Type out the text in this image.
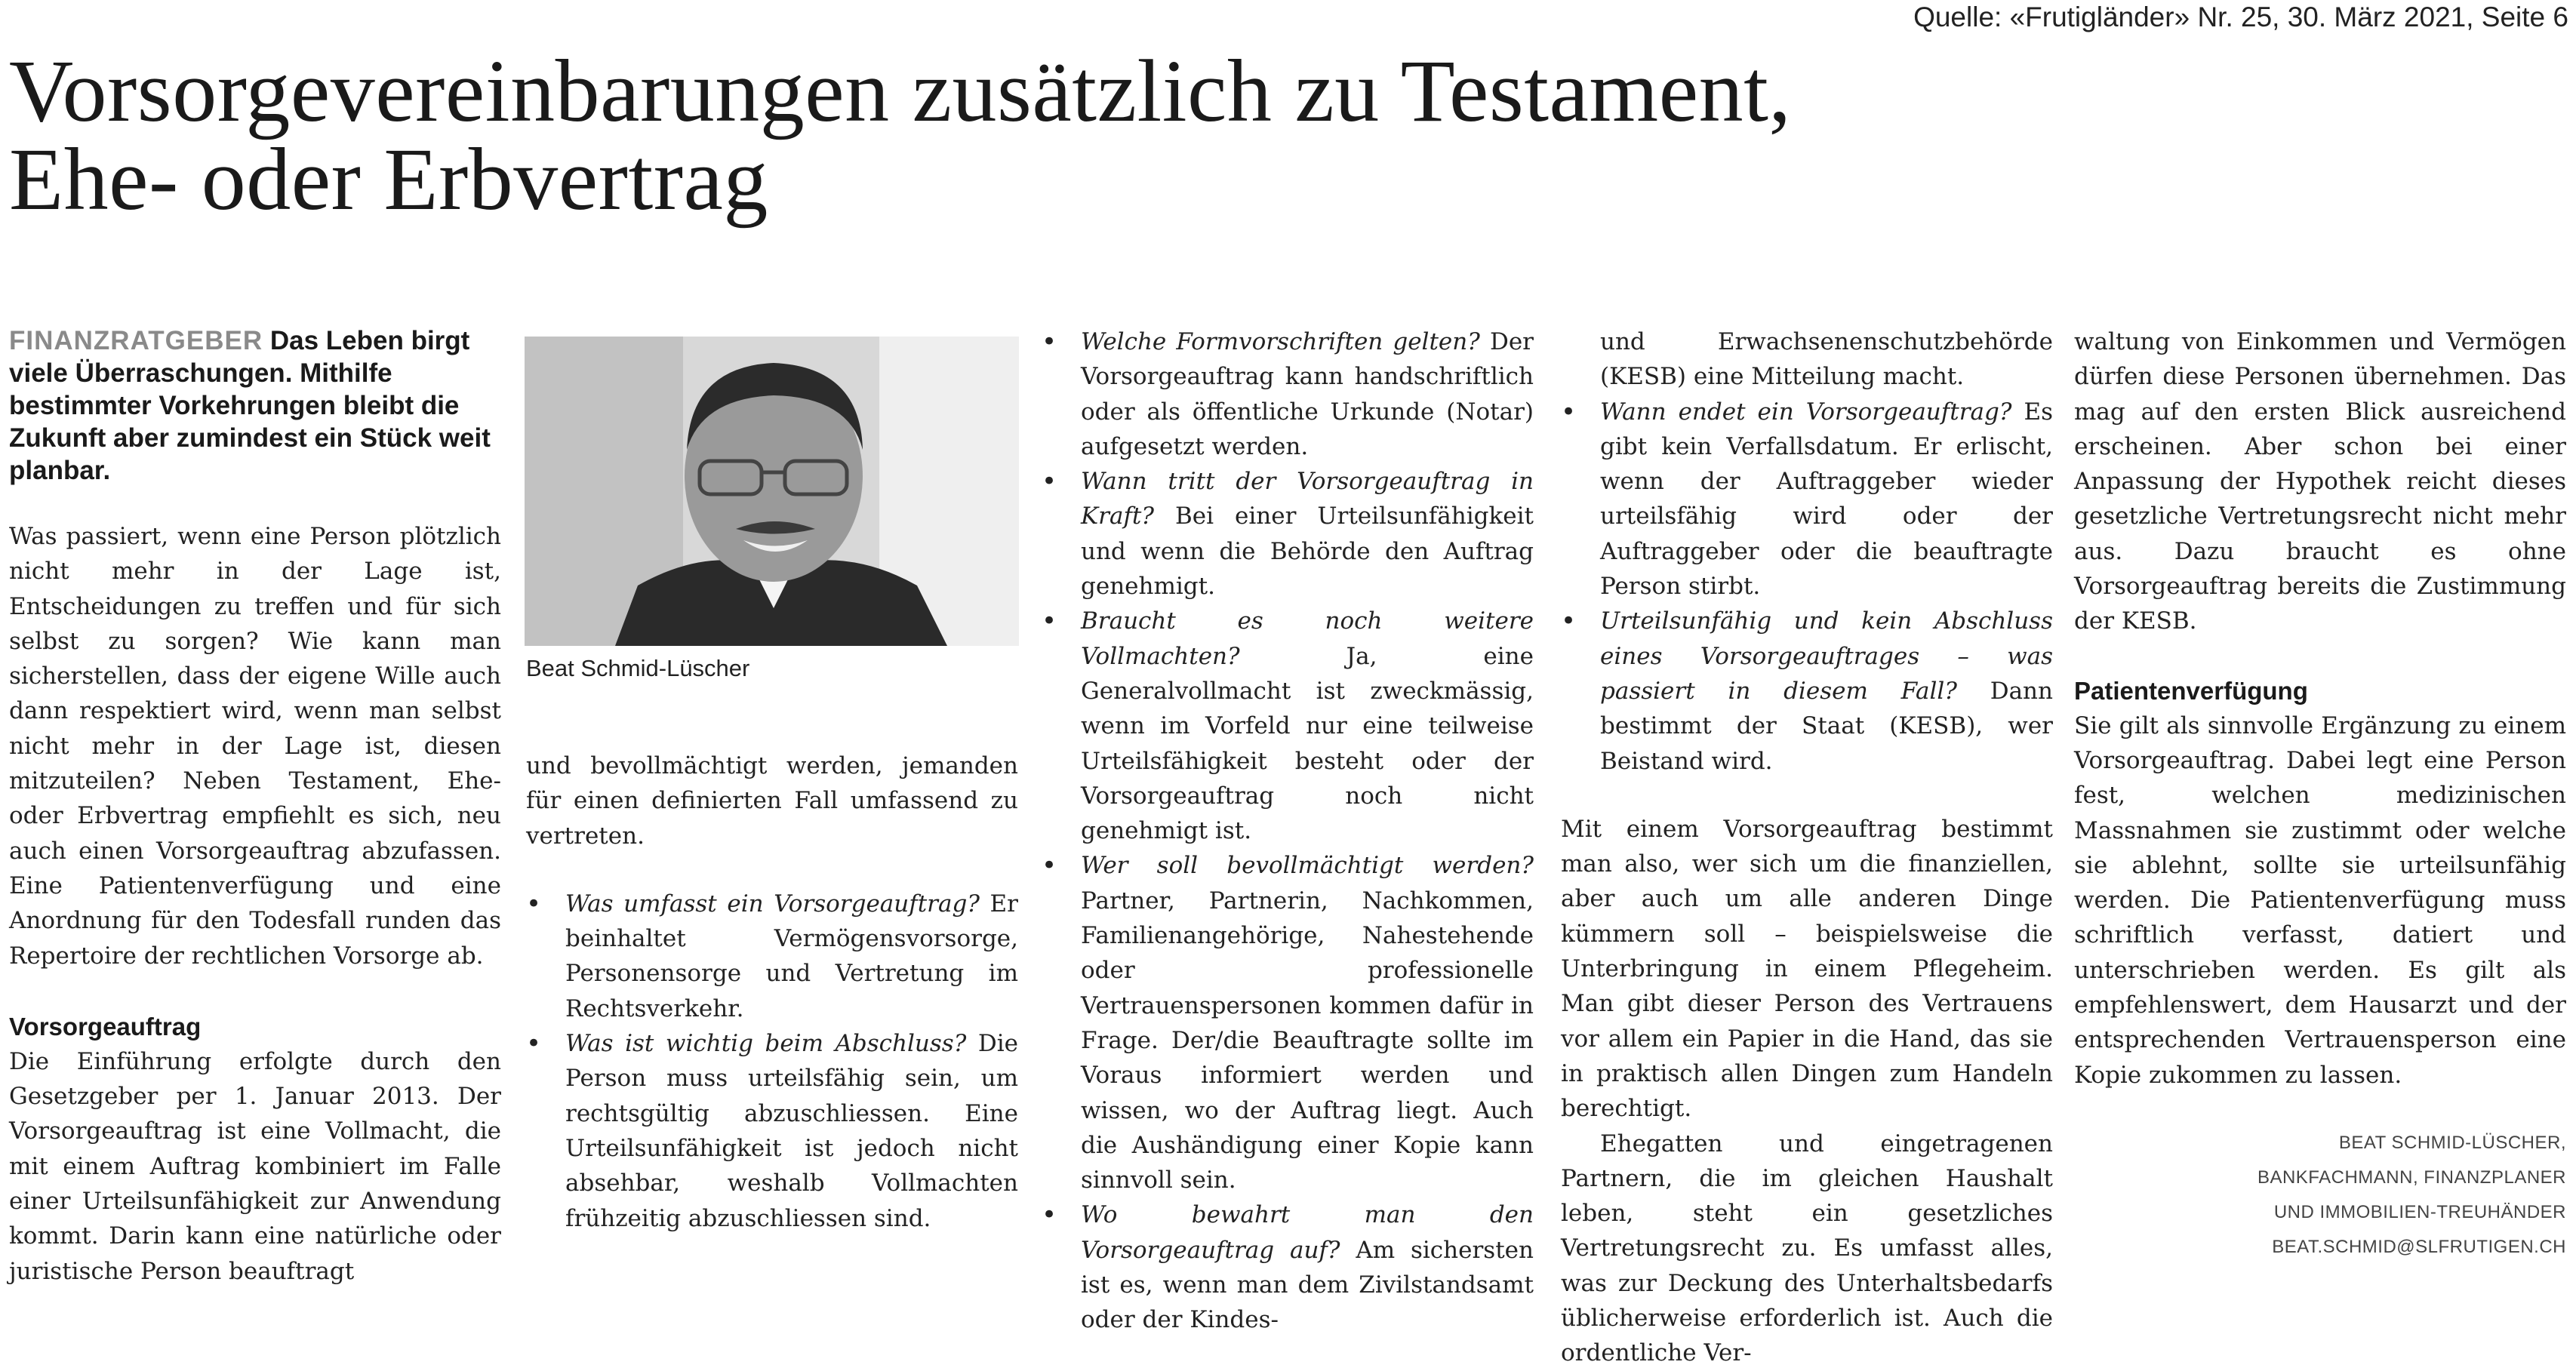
Quelle: «Frutigländer» Nr. 25, 30. März 2021, Seite 6
Vorsorgevereinbarungen zusätzlich zu Testament,
Ehe- oder Erbvertrag

FINANZRATGEBER Das Leben birgt viele Überraschungen. Mithilfe bestimmter Vorkehrungen bleibt die Zukunft aber zumindest ein Stück weit planbar.

Was passiert, wenn eine Person plötzlich nicht mehr in der Lage ist, Entscheidungen zu treffen und für sich selbst zu sorgen? Wie kann man sicherstellen, dass der eigene Wille auch dann respektiert wird, wenn man selbst nicht mehr in der Lage ist, diesen mitzuteilen? Neben Testament, Ehe- oder Erbvertrag empfiehlt es sich, neu auch einen Vorsorgeauftrag abzufassen. Eine Patientenverfügung und eine Anordnung für den Todesfall runden das Repertoire der rechtlichen Vorsorge ab.

Vorsorgeauftrag

Die Einführung erfolgte durch den Gesetzgeber per 1. Januar 2013. Der Vorsorgeauftrag ist eine Vollmacht, die mit einem Auftrag kombiniert im Falle einer Urteilsunfähigkeit zur Anwendung kommt. Darin kann eine natürliche oder juristische Person beauftragt

Beat Schmid-Lüscher

und bevollmächtigt werden, jemanden für einen definierten Fall umfassend zu vertreten.

• Was umfasst ein Vorsorgeauftrag? Er beinhaltet Vermögensvorsorge, Personensorge und Vertretung im Rechtsverkehr.
• Was ist wichtig beim Abschluss? Die Person muss urteilsfähig sein, um rechtsgültig abzuschliessen. Eine Urteilsunfähigkeit ist jedoch nicht absehbar, weshalb Vollmachten frühzeitig abzuschliessen sind.
• Welche Formvorschriften gelten? Der Vorsorgeauftrag kann handschriftlich oder als öffentliche Urkunde (Notar) aufgesetzt werden.
• Wann tritt der Vorsorgeauftrag in Kraft? Bei einer Urteilsunfähigkeit und wenn die Behörde den Auftrag genehmigt.
• Braucht es noch weitere Vollmachten?	Ja, eine Generalvollmacht ist zweckmässig, wenn im Vorfeld nur eine teilweise Urteilsfähigkeit besteht oder der Vorsorgeauftrag noch nicht genehmigt ist.
• Wer soll bevollmächtigt werden? Partner, Partnerin, Nachkommen, Familienangehörige, Nahestehende oder professionelle Vertrauenspersonen kommen dafür in Frage. Der/die Beauftragte sollte im Voraus informiert werden und wissen, wo der Auftrag liegt. Auch die Aushändigung einer Kopie kann sinnvoll sein.
• Wo bewahrt man den Vorsorgeauftrag auf? Am sichersten ist es, wenn man dem Zivilstandsamt oder der Kindes-

und Erwachsenenschutzbehörde (KESB) eine Mitteilung macht.

• Wann endet ein Vorsorgeauftrag? Es gibt kein Verfallsdatum. Er erlischt, wenn der Auftraggeber wieder urteilsfähig wird oder der Auftraggeber oder die beauftragte Person stirbt.
• Urteilsunfähig und kein Abschluss eines Vorsorgeauftrages – was passiert in diesem Fall? Dann bestimmt der Staat (KESB), wer Beistand wird.

Mit einem Vorsorgeauftrag bestimmt man also, wer sich um die finanziellen, aber auch um alle anderen Dinge kümmern soll – beispielsweise die Unterbringung in einem Pflegeheim. Man gibt dieser Person des Vertrauens vor allem ein Papier in die Hand, das sie in praktisch allen Dingen zum Handeln berechtigt.

Ehegatten und eingetragenen Partnern, die im gleichen Haushalt leben, steht ein gesetzliches Vertretungsrecht zu. Es umfasst alles, was zur Deckung des Unterhaltsbedarfs üblicherweise erforderlich ist. Auch die ordentliche Ver-

waltung von Einkommen und Vermögen dürfen diese Personen übernehmen. Das mag auf den ersten Blick ausreichend erscheinen. Aber schon bei einer Anpassung der Hypothek reicht dieses gesetzliche Vertretungsrecht nicht mehr aus. Dazu braucht es ohne Vorsorgeauftrag bereits die Zustimmung der KESB.

Patientenverfügung

Sie gilt als sinnvolle Ergänzung zu einem Vorsorgeauftrag. Dabei legt eine Person fest, welchen medizinischen Massnahmen sie zustimmt oder welche sie ablehnt, sollte sie urteilsunfähig werden. Die Patientenverfügung muss schriftlich verfasst, datiert und unterschrieben werden. Es gilt als empfehlenswert, dem Hausarzt und der entsprechenden Vertrauensperson eine Kopie zukommen zu lassen.

BEAT SCHMID-LÜSCHER,
BANKFACHMANN, FINANZPLANER
UND IMMOBILIEN-TREUHÄNDER
BEAT.SCHMID@SLFRUTIGEN.CH
